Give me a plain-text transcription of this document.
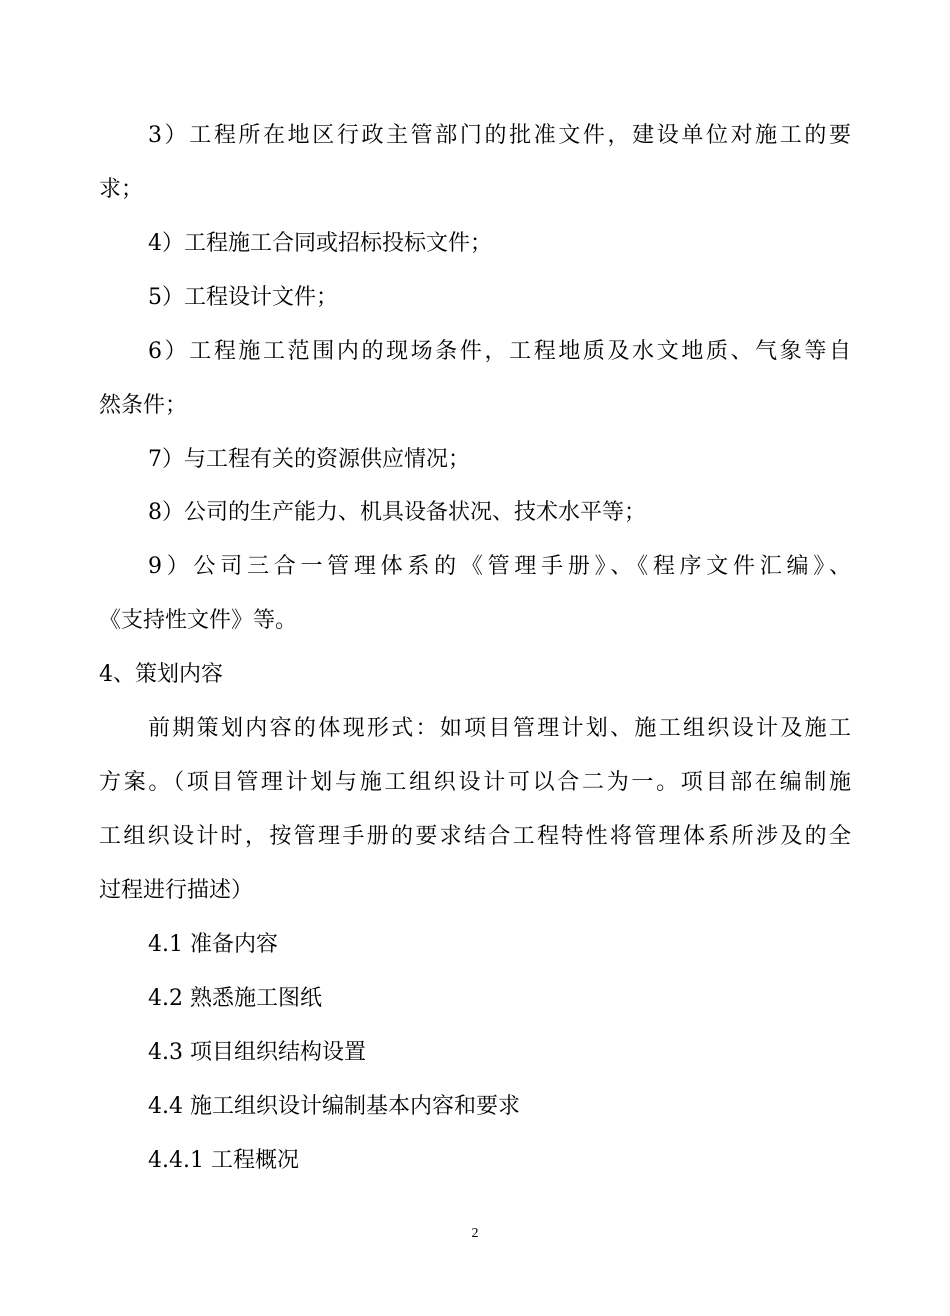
3）工程所在地区行政主管部门的批准文件，建设单位对施工的要
求；
4）工程施工合同或招标投标文件；
5）工程设计文件；
6）工程施工范围内的现场条件，工程地质及水文地质、气象等自
然条件；
7）与工程有关的资源供应情况；
8）公司的生产能力、机具设备状况、技术水平等；
9）公司三合一管理体系的《管理手册》、《程序文件汇编》、
《支持性文件》等。
4、策划内容
前期策划内容的体现形式：如项目管理计划、施工组织设计及施工
方案。（项目管理计划与施工组织设计可以合二为一。项目部在编制施
工组织设计时，按管理手册的要求结合工程特性将管理体系所涉及的全
过程进行描述）
4.1 准备内容
4.2 熟悉施工图纸
4.3 项目组织结构设置
4.4 施工组织设计编制基本内容和要求
4.4.1 工程概况
2
